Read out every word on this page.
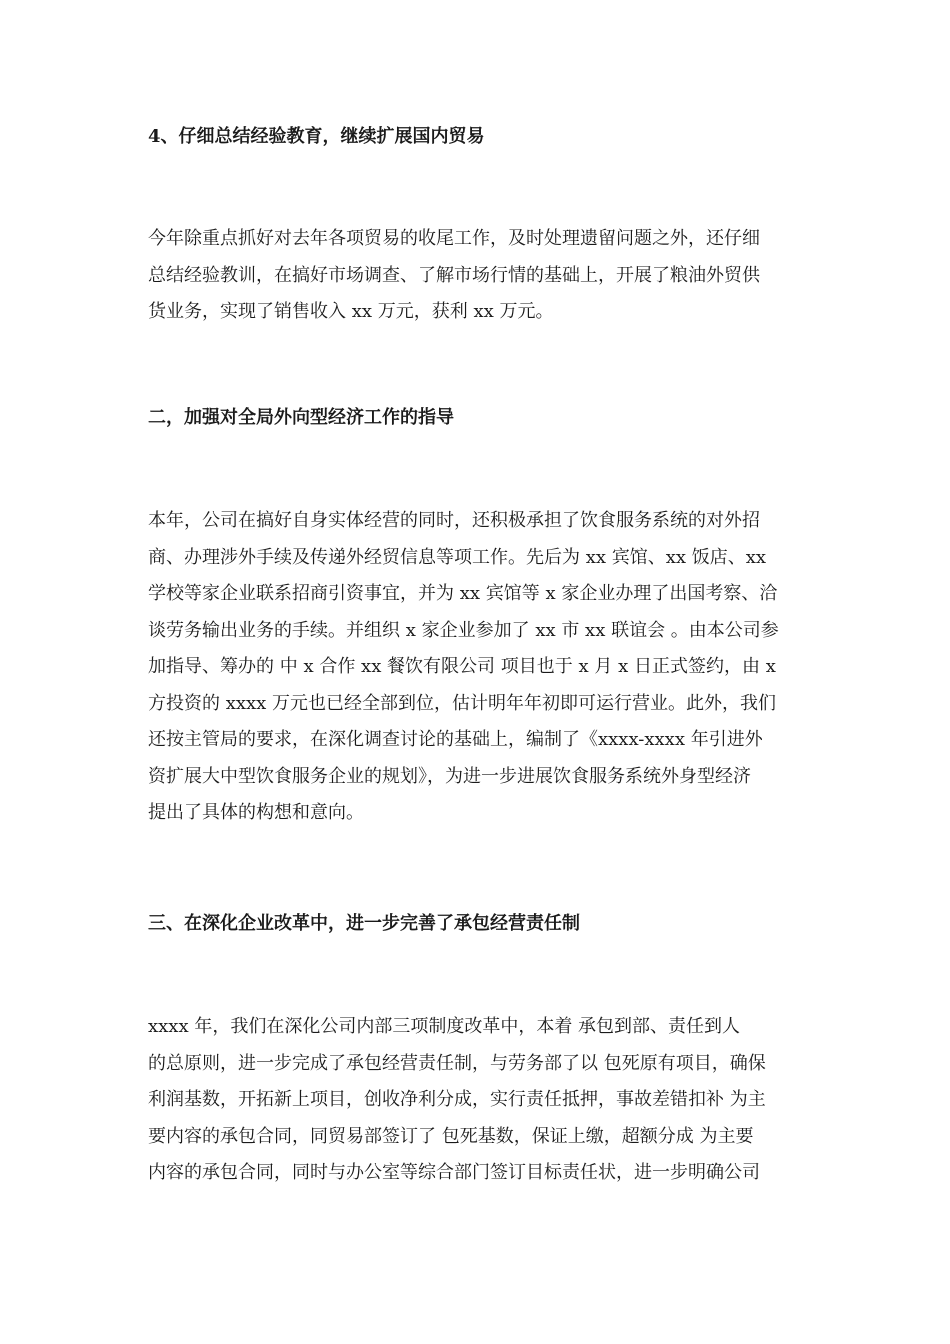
4、仔细总结经验教育，继续扩展国内贸易
今年除重点抓好对去年各项贸易的收尾工作，及时处理遗留问题之外，还仔细
总结经验教训，在搞好市场调查、了解市场行情的基础上，开展了粮油外贸供
货业务，实现了销售收入 xx 万元，获利 xx 万元。
二，加强对全局外向型经济工作的指导
本年，公司在搞好自身实体经营的同时，还积极承担了饮食服务系统的对外招
商、办理涉外手续及传递外经贸信息等项工作。先后为 xx 宾馆、xx 饭店、xx
学校等家企业联系招商引资事宜，并为 xx 宾馆等 x 家企业办理了出国考察、洽
谈劳务输出业务的手续。并组织 x 家企业参加了 xx 市 xx 联谊会 。由本公司参
加指导、筹办的 中 x 合作 xx 餐饮有限公司 项目也于 x 月 x 日正式签约，由 x
方投资的 xxxx 万元也已经全部到位，估计明年年初即可运行营业。此外，我们
还按主管局的要求，在深化调查讨论的基础上，编制了《xxxx-xxxx 年引进外
资扩展大中型饮食服务企业的规划》，为进一步进展饮食服务系统外身型经济
提出了具体的构想和意向。
三、在深化企业改革中，进一步完善了承包经营责任制
xxxx 年，我们在深化公司内部三项制度改革中，本着 承包到部、责任到人
的总原则，进一步完成了承包经营责任制，与劳务部了以 包死原有项目，确保
利润基数，开拓新上项目，创收净利分成，实行责任抵押，事故差错扣补 为主
要内容的承包合同，同贸易部签订了 包死基数，保证上缴，超额分成 为主要
内容的承包合同，同时与办公室等综合部门签订目标责任状，进一步明确公司
